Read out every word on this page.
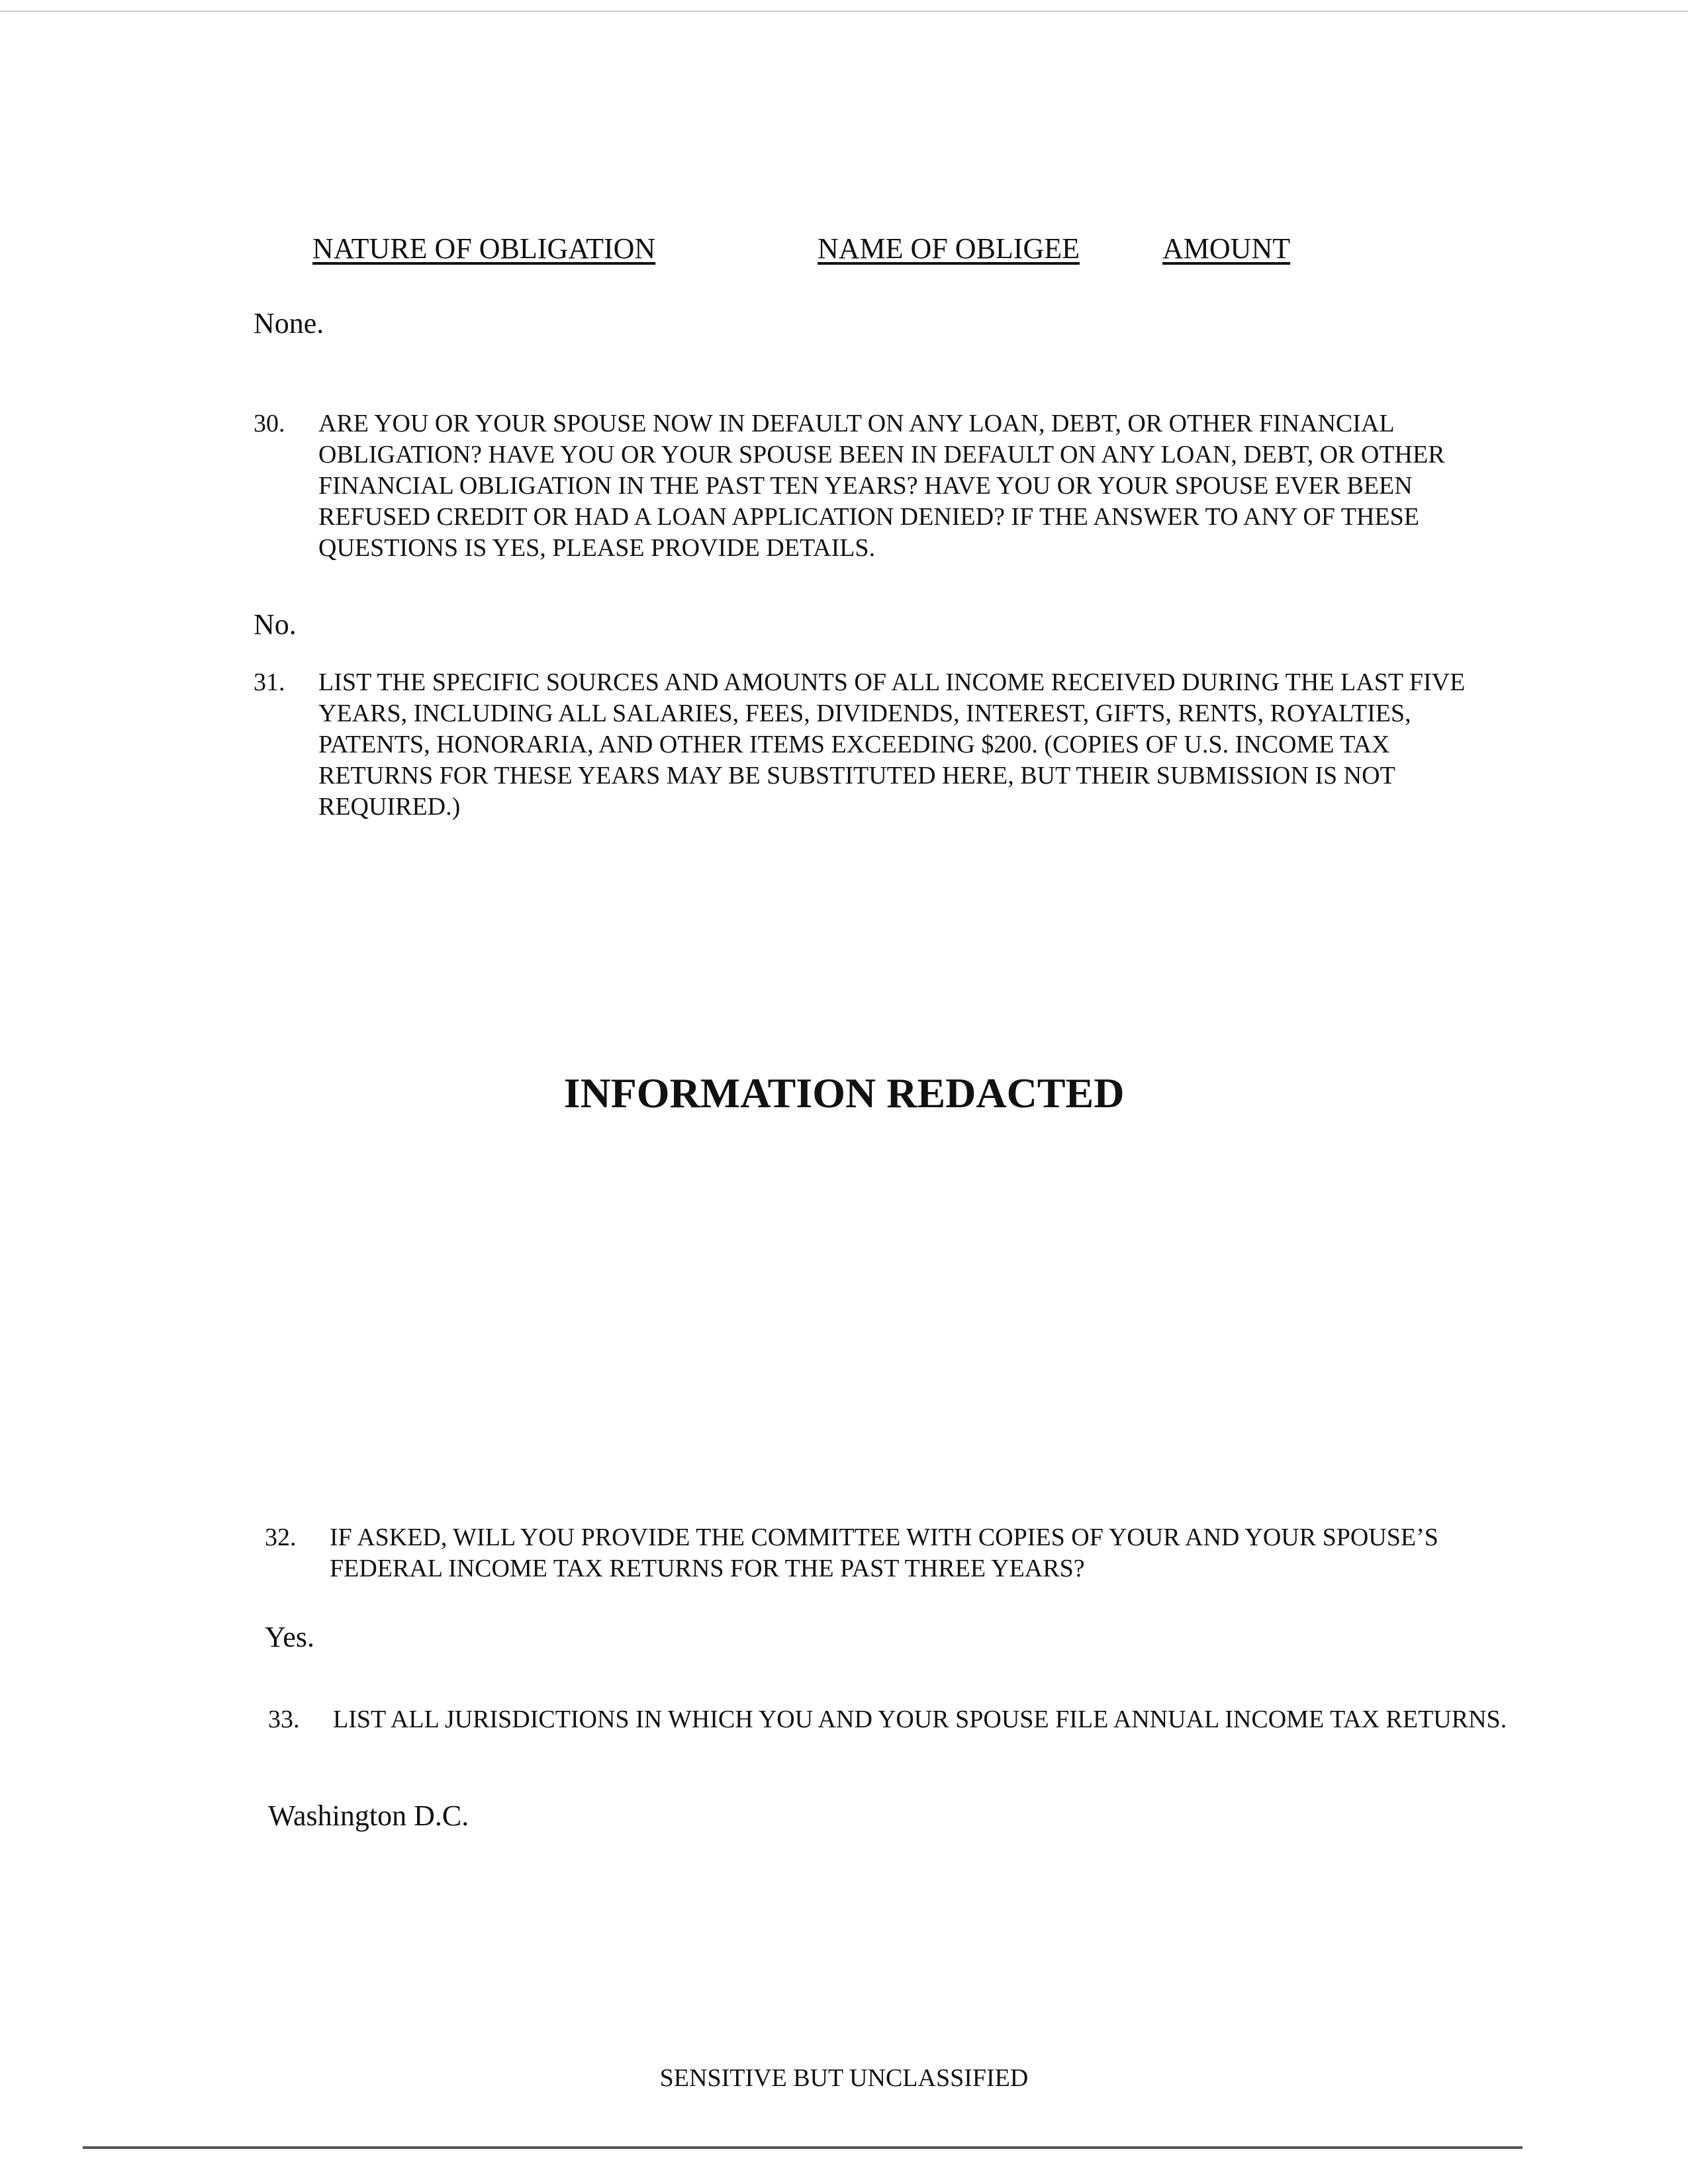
NATURE OF OBLIGATION	NAME OF OBLIGEE	AMOUNT
None.
30. ARE YOU OR YOUR SPOUSE NOW IN DEFAULT ON ANY LOAN, DEBT, OR OTHER FINANCIAL OBLIGATION? HAVE YOU OR YOUR SPOUSE BEEN IN DEFAULT ON ANY LOAN, DEBT, OR OTHER FINANCIAL OBLIGATION IN THE PAST TEN YEARS? HAVE YOU OR YOUR SPOUSE EVER BEEN REFUSED CREDIT OR HAD A LOAN APPLICATION DENIED? IF THE ANSWER TO ANY OF THESE QUESTIONS IS YES, PLEASE PROVIDE DETAILS.
No.
31. LIST THE SPECIFIC SOURCES AND AMOUNTS OF ALL INCOME RECEIVED DURING THE LAST FIVE YEARS, INCLUDING ALL SALARIES, FEES, DIVIDENDS, INTEREST, GIFTS, RENTS, ROYALTIES, PATENTS, HONORARIA, AND OTHER ITEMS EXCEEDING $200. (COPIES OF U.S. INCOME TAX RETURNS FOR THESE YEARS MAY BE SUBSTITUTED HERE, BUT THEIR SUBMISSION IS NOT REQUIRED.)
INFORMATION REDACTED
32. IF ASKED, WILL YOU PROVIDE THE COMMITTEE WITH COPIES OF YOUR AND YOUR SPOUSE’S FEDERAL INCOME TAX RETURNS FOR THE PAST THREE YEARS?
Yes.
33. LIST ALL JURISDICTIONS IN WHICH YOU AND YOUR SPOUSE FILE ANNUAL INCOME TAX RETURNS.
Washington D.C.
SENSITIVE BUT UNCLASSIFIED
